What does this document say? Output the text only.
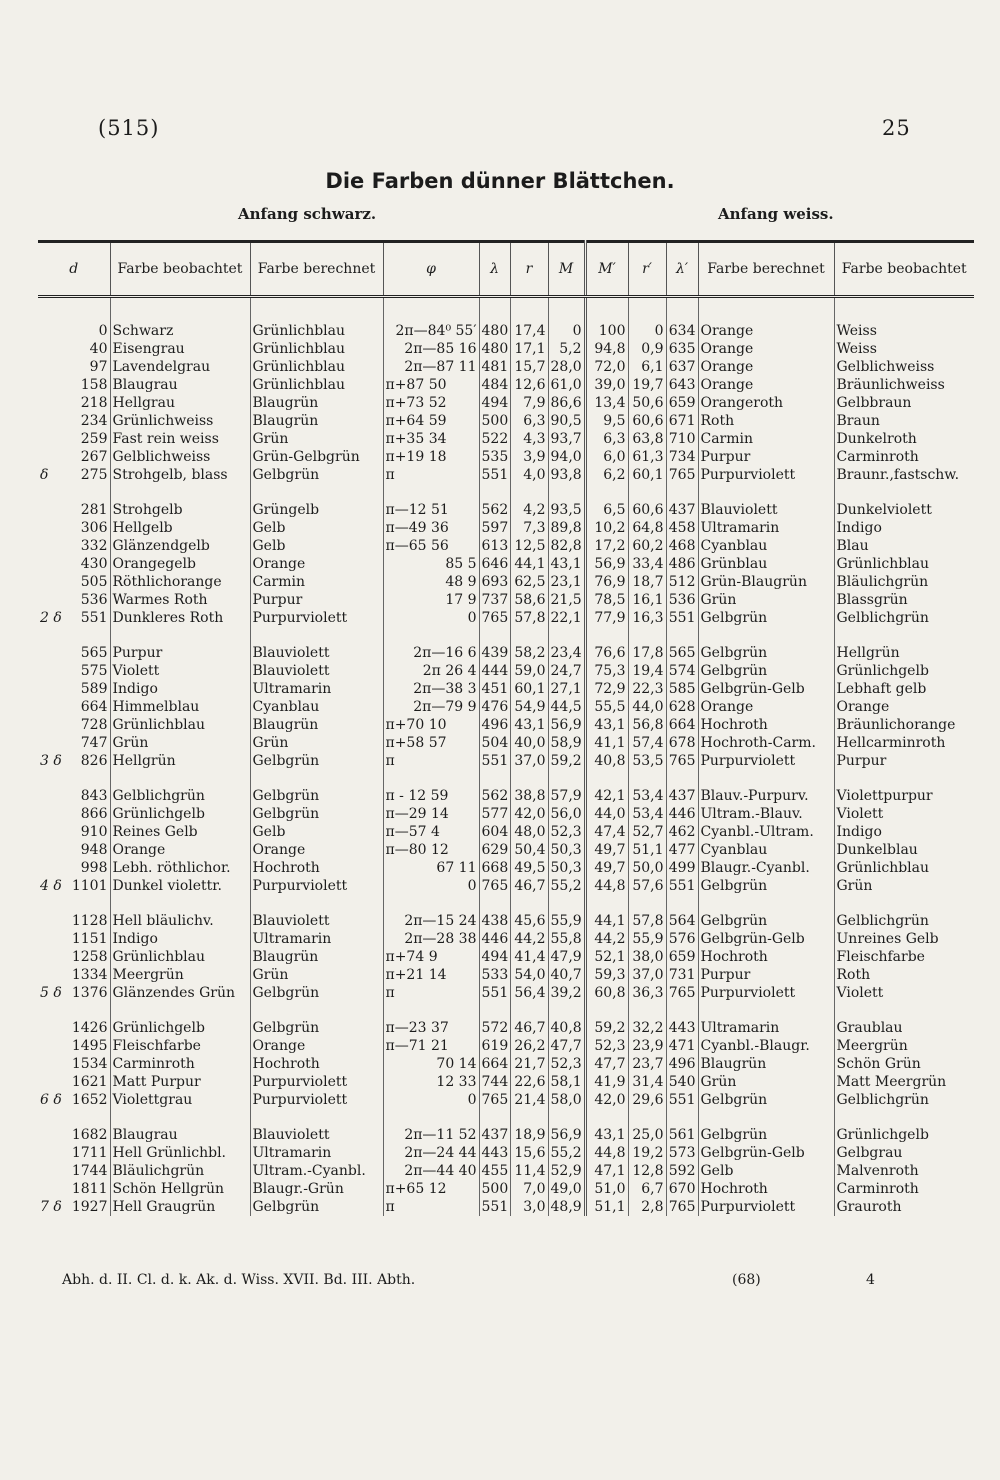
(515)	25
Die Farben dünner Blättchen.
Anfang schwarz.	Anfang weiss.
d	Farbe beobachtet	Farbe berechnet	φ	λ	r	M	M′	r′	λ′	Farbe berechnet	Farbe beobachtet

0	Schwarz	Grünlichblau	2π—84⁰ 55′	480	17,4	0	100	0	634	Orange	Weiss
40	Eisengrau	Grünlichblau	2π—85 16	480	17,1	5,2	94,8	0,9	635	Orange	Weiss
97	Lavendelgrau	Grünlichblau	2π—87 11	481	15,7	28,0	72,0	6,1	637	Orange	Gelblichweiss
158	Blaugrau	Grünlichblau	π+87 50	484	12,6	61,0	39,0	19,7	643	Orange	Bräunlichweiss
218	Hellgrau	Blaugrün	π+73 52	494	7,9	86,6	13,4	50,6	659	Orangeroth	Gelbbraun
234	Grünlichweiss	Blaugrün	π+64 59	500	6,3	90,5	9,5	60,6	671	Roth	Braun
259	Fast rein weiss	Grün	π+35 34	522	4,3	93,7	6,3	63,8	710	Carmin	Dunkelroth
267	Gelblichweiss	Grün-Gelbgrün	π+19 18	535	3,9	94,0	6,0	61,3	734	Purpur	Carminroth

δ 275	Strohgelb, blass	Gelbgrün	π	551	4,0	93,8	6,2	60,1	765	Purpurviolett	Braunr.,fastschw.

281	Strohgelb	Grüngelb	π—12 51	562	4,2	93,5	6,5	60,6	437	Blauviolett	Dunkelviolett
306	Hellgelb	Gelb	π—49 36	597	7,3	89,8	10,2	64,8	458	Ultramarin	Indigo
332	Glänzendgelb	Gelb	π—65 56	613	12,5	82,8	17,2	60,2	468	Cyanblau	Blau
430	Orangegelb	Orange	85 5	646	44,1	43,1	56,9	33,4	486	Grünblau	Grünlichblau
505	Röthlichorange	Carmin	48 9	693	62,5	23,1	76,9	18,7	512	Grün-Blaugrün	Bläulichgrün
536	Warmes Roth	Purpur	17 9	737	58,6	21,5	78,5	16,1	536	Grün	Blassgrün

2 δ 551	Dunkleres Roth	Purpurviolett	0	765	57,8	22,1	77,9	16,3	551	Gelbgrün	Gelblichgrün

565	Purpur	Blauviolett	2π—16 6	439	58,2	23,4	76,6	17,8	565	Gelbgrün	Hellgrün
575	Violett	Blauviolett	2π 26 4	444	59,0	24,7	75,3	19,4	574	Gelbgrün	Grünlichgelb
589	Indigo	Ultramarin	2π—38 3	451	60,1	27,1	72,9	22,3	585	Gelbgrün-Gelb	Lebhaft gelb
664	Himmelblau	Cyanblau	2π—79 9	476	54,9	44,5	55,5	44,0	628	Orange	Orange
728	Grünlichblau	Blaugrün	π+70 10	496	43,1	56,9	43,1	56,8	664	Hochroth	Bräunlichorange
747	Grün	Grün	π+58 57	504	40,0	58,9	41,1	57,4	678	Hochroth-Carm.	Hellcarminroth

3 δ 826	Hellgrün	Gelbgrün	π	551	37,0	59,2	40,8	53,5	765	Purpurviolett	Purpur

843	Gelblichgrün	Gelbgrün	π - 12 59	562	38,8	57,9	42,1	53,4	437	Blauv.-Purpurv.	Violettpurpur
866	Grünlichgelb	Gelbgrün	π—29 14	577	42,0	56,0	44,0	53,4	446	Ultram.-Blauv.	Violett
910	Reines Gelb	Gelb	π—57 4	604	48,0	52,3	47,4	52,7	462	Cyanbl.-Ultram.	Indigo
948	Orange	Orange	π—80 12	629	50,4	50,3	49,7	51,1	477	Cyanblau	Dunkelblau
998	Lebh. röthlichor.	Hochroth	67 11	668	49,5	50,3	49,7	50,0	499	Blaugr.-Cyanbl.	Grünlichblau

4 δ 1101	Dunkel violettr.	Purpurviolett	0	765	46,7	55,2	44,8	57,6	551	Gelbgrün	Grün

1128	Hell bläulichv.	Blauviolett	2π—15 24	438	45,6	55,9	44,1	57,8	564	Gelbgrün	Gelblichgrün
1151	Indigo	Ultramarin	2π—28 38	446	44,2	55,8	44,2	55,9	576	Gelbgrün-Gelb	Unreines Gelb
1258	Grünlichblau	Blaugrün	π+74 9	494	41,4	47,9	52,1	38,0	659	Hochroth	Fleischfarbe
1334	Meergrün	Grün	π+21 14	533	54,0	40,7	59,3	37,0	731	Purpur	Roth

5 δ 1376	Glänzendes Grün	Gelbgrün	π	551	56,4	39,2	60,8	36,3	765	Purpurviolett	Violett

1426	Grünlichgelb	Gelbgrün	π—23 37	572	46,7	40,8	59,2	32,2	443	Ultramarin	Graublau
1495	Fleischfarbe	Orange	π—71 21	619	26,2	47,7	52,3	23,9	471	Cyanbl.-Blaugr.	Meergrün
1534	Carminroth	Hochroth	70 14	664	21,7	52,3	47,7	23,7	496	Blaugrün	Schön Grün
1621	Matt Purpur	Purpurviolett	12 33	744	22,6	58,1	41,9	31,4	540	Grün	Matt Meergrün

6 δ 1652	Violettgrau	Purpurviolett	0	765	21,4	58,0	42,0	29,6	551	Gelbgrün	Gelblichgrün

1682	Blaugrau	Blauviolett	2π—11 52	437	18,9	56,9	43,1	25,0	561	Gelbgrün	Grünlichgelb
1711	Hell Grünlichbl.	Ultramarin	2π—24 44	443	15,6	55,2	44,8	19,2	573	Gelbgrün-Gelb	Gelbgrau
1744	Bläulichgrün	Ultram.-Cyanbl.	2π—44 40	455	11,4	52,9	47,1	12,8	592	Gelb	Malvenroth
1811	Schön Hellgrün	Blaugr.-Grün	π+65 12	500	7,0	49,0	51,0	6,7	670	Hochroth	Carminroth

7 δ 1927	Hell Graugrün	Gelbgrün	π	551	3,0	48,9	51,1	2,8	765	Purpurviolett	Grauroth
Abh. d. II. Cl. d. k. Ak. d. Wiss. XVII. Bd. III. Abth.	(68)	4
